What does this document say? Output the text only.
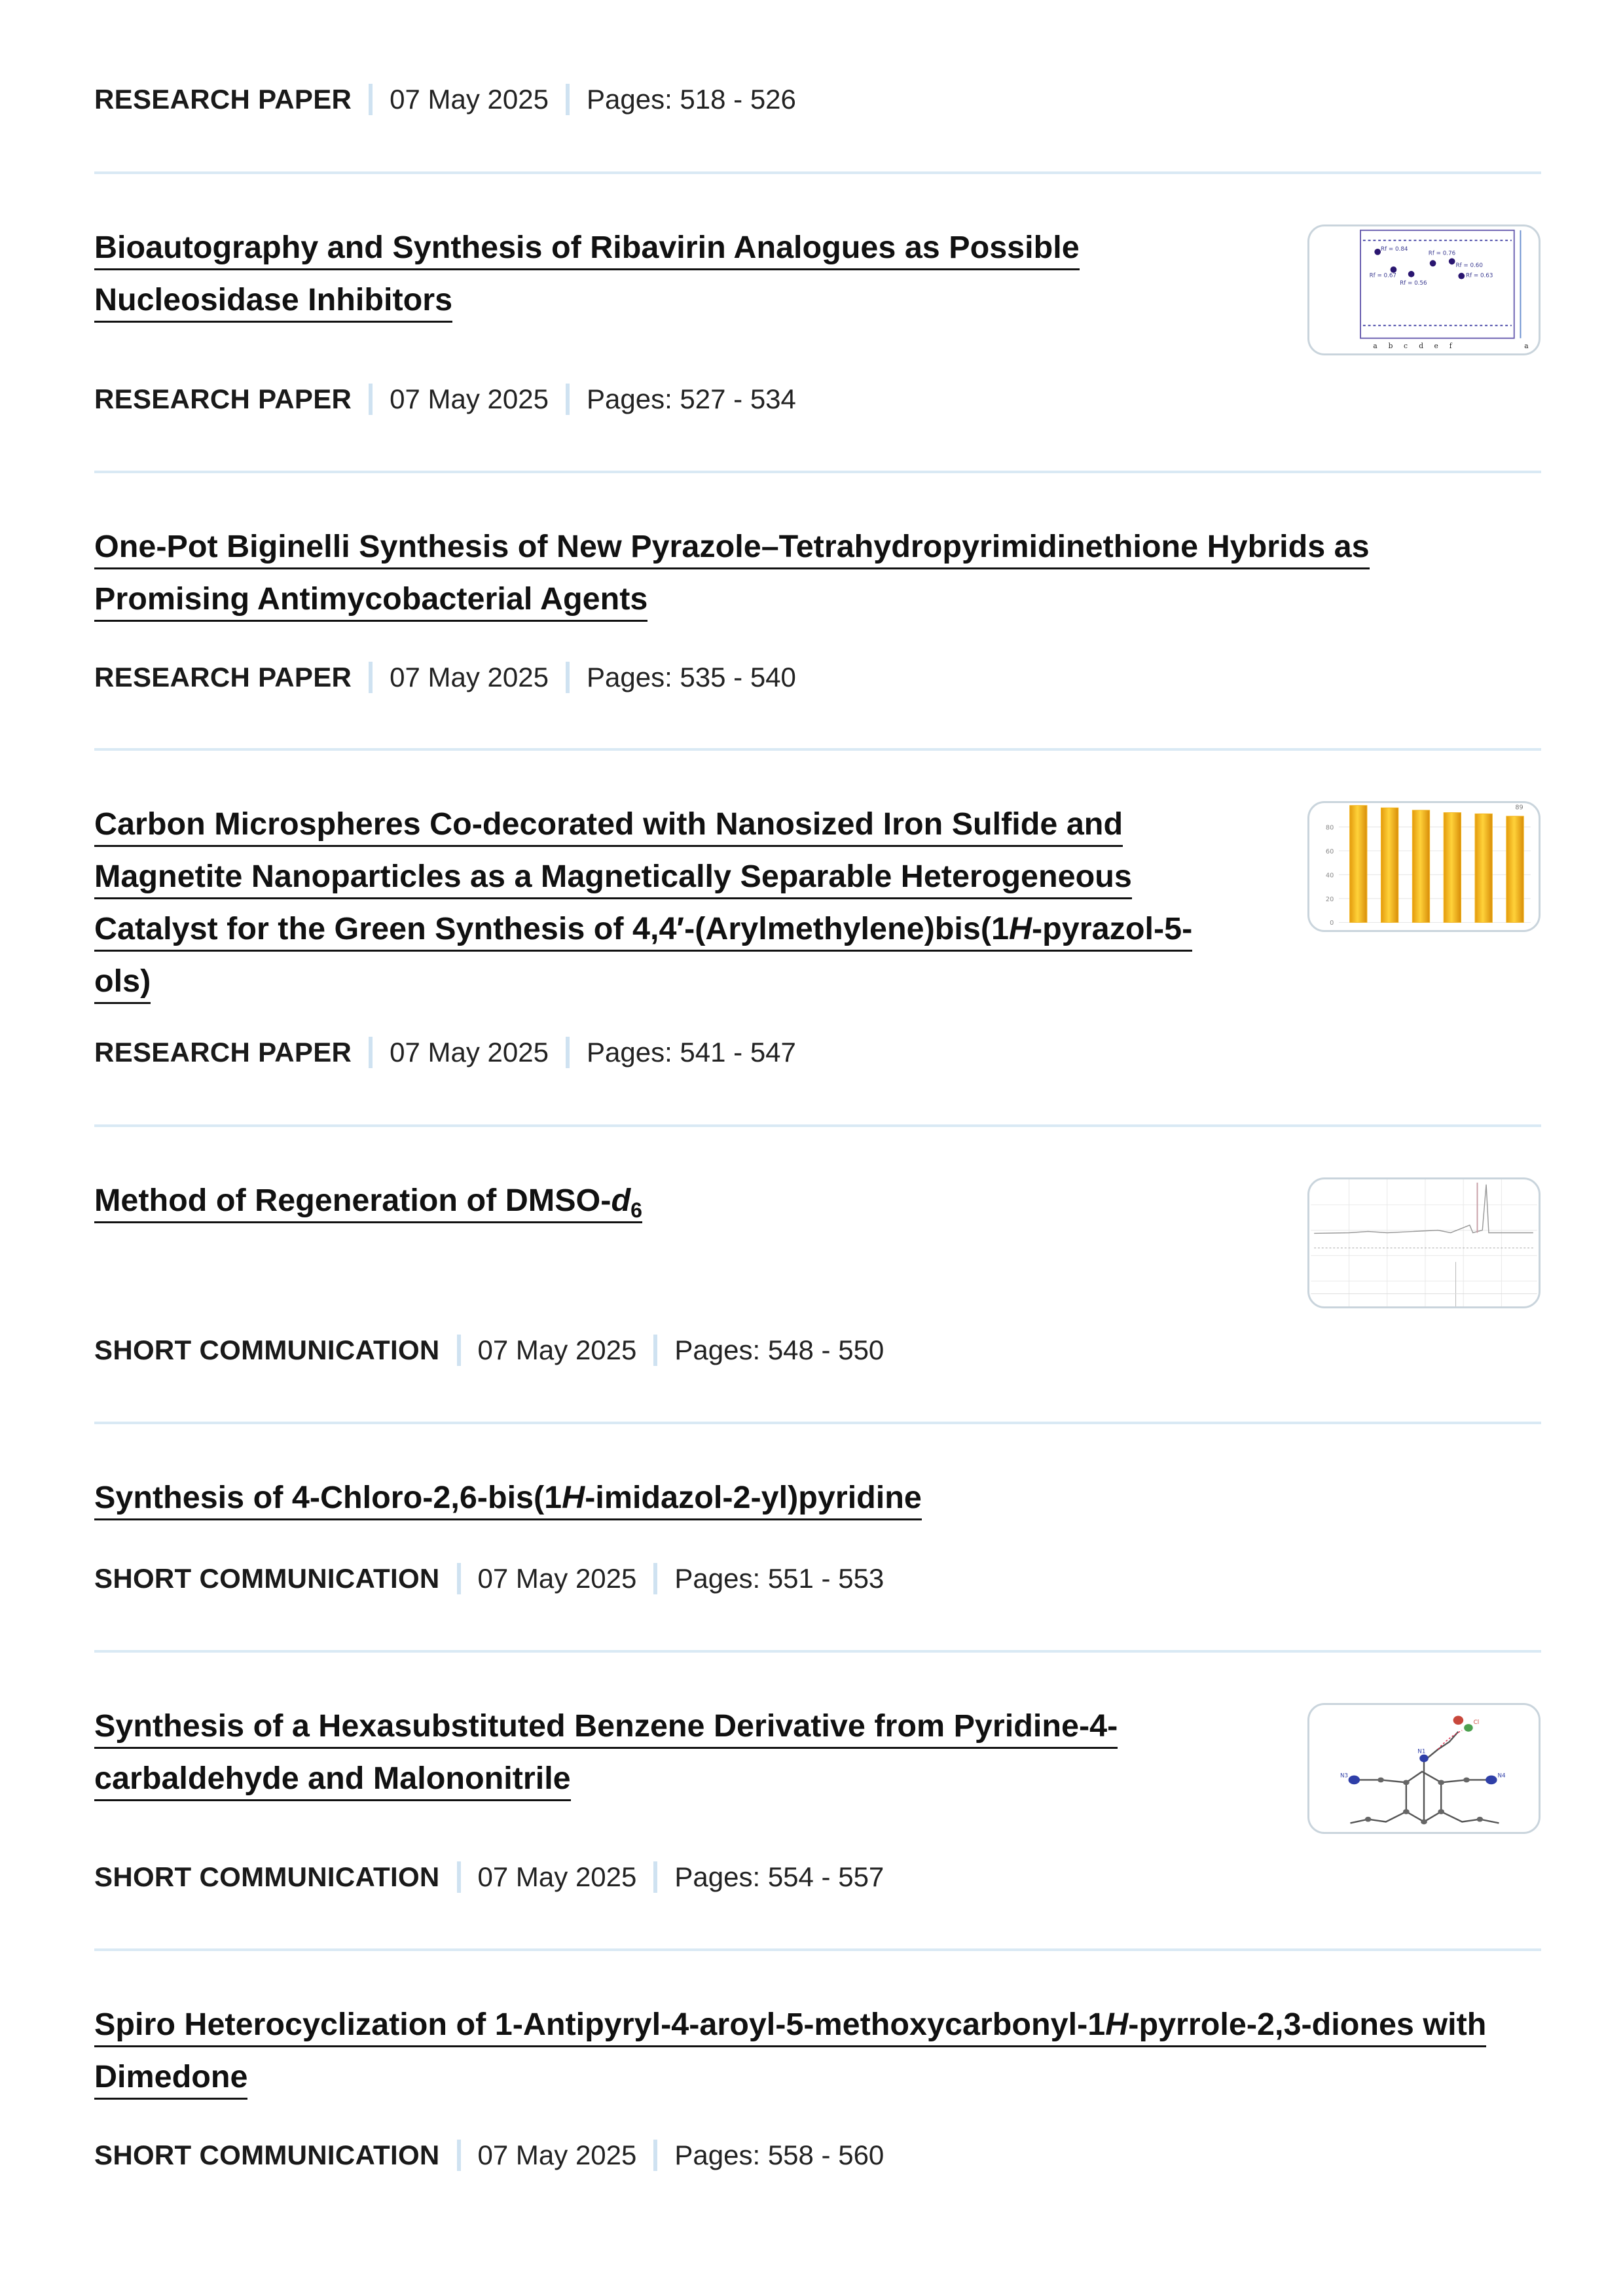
RESEARCH PAPER 07 May 2025 Pages: 518 - 526
Bioautography and Synthesis of Ribavirin Analogues as Possible
Nucleosidase Inhibitors
Rf = 0.84
Rf = 0.76
Rf = 0.67
Rf = 0.56
Rf = 0.60
Rf = 0.63
a b c d e f	a
RESEARCH PAPER 07 May 2025 Pages: 527 - 534
One-Pot Biginelli Synthesis of New Pyrazole–Tetrahydropyrimidinethione Hybrids as
Promising Antimycobacterial Agents
RESEARCH PAPER 07 May 2025 Pages: 535 - 540
Carbon Microspheres Co-decorated with Nanosized Iron Sulfide and
Magnetite Nanoparticles as a Magnetically Separable Heterogeneous
Catalyst for the Green Synthesis of 4,4′-(Arylmethylene)bis(1H-pyrazol-5-
ols)
80
60
40
20
0
89
RESEARCH PAPER 07 May 2025 Pages: 541 - 547
Method of Regeneration of DMSO-$d_6$
SHORT COMMUNICATION 07 May 2025 Pages: 548 - 550
Synthesis of 4-Chloro-2,6-bis(1H-imidazol-2-yl)pyridine
SHORT COMMUNICATION 07 May 2025 Pages: 551 - 553
Synthesis of a Hexasubstituted Benzene Derivative from Pyridine-4-
carbaldehyde and Malononitrile
N1
Cl
N3	N4
SHORT COMMUNICATION 07 May 2025 Pages: 554 - 557
Spiro Heterocyclization of 1-Antipyryl-4-aroyl-5-methoxycarbonyl-1H-pyrrole-2,3-diones with
Dimedone
SHORT COMMUNICATION 07 May 2025 Pages: 558 - 560
